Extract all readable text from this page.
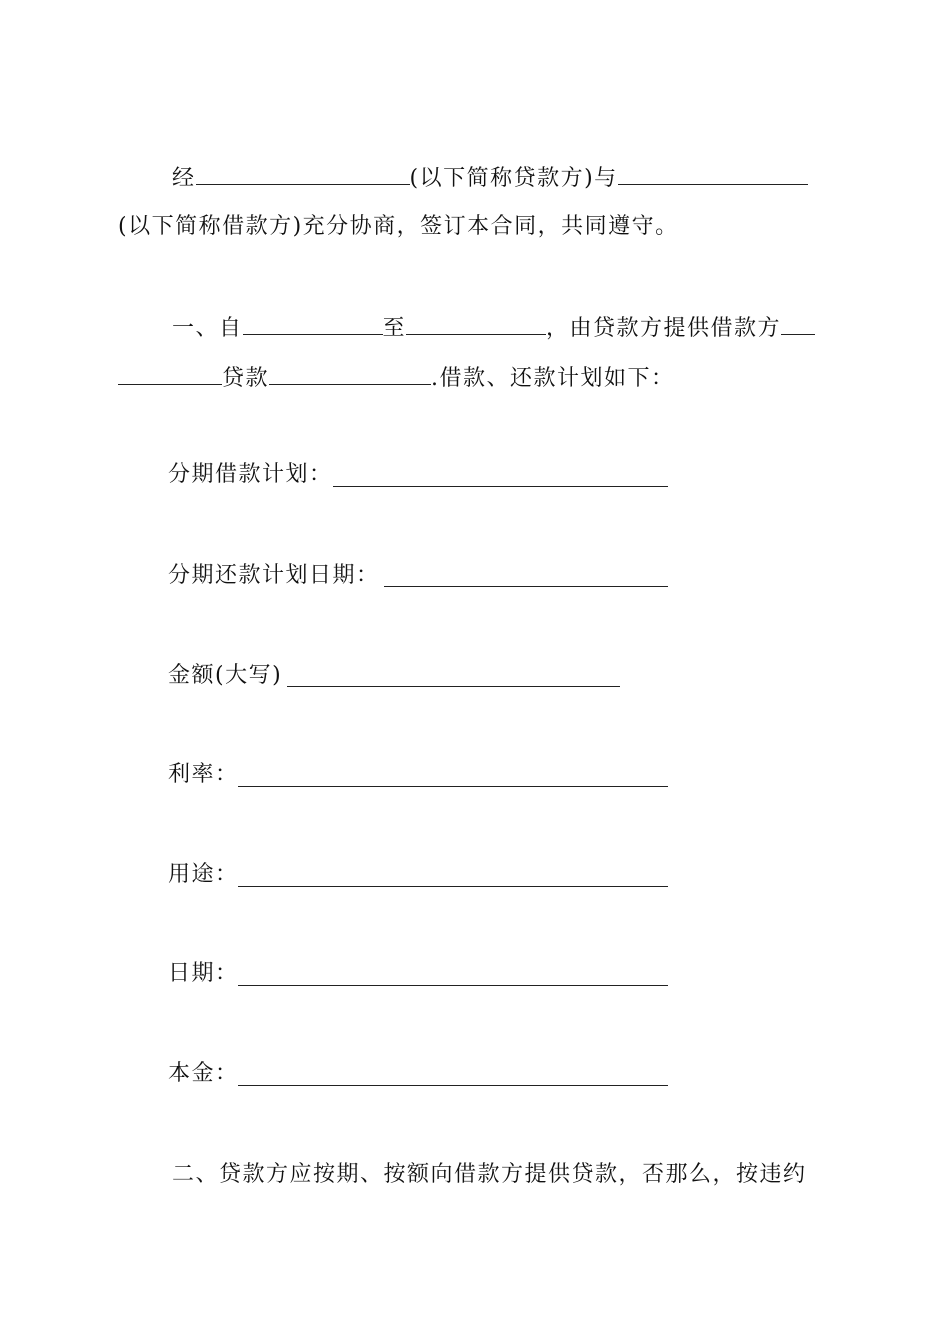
经	(以下简称贷款方)与
(以下简称借款方)充分协商，签订本合同，共同遵守。
一、自	至	，由贷款方提供借款方
贷款	.借款、还款计划如下：
分期借款计划：
分期还款计划日期：
金额(大写)
利率：
用途：
日期：
本金：
二、贷款方应按期、按额向借款方提供贷款，否那么，按违约
